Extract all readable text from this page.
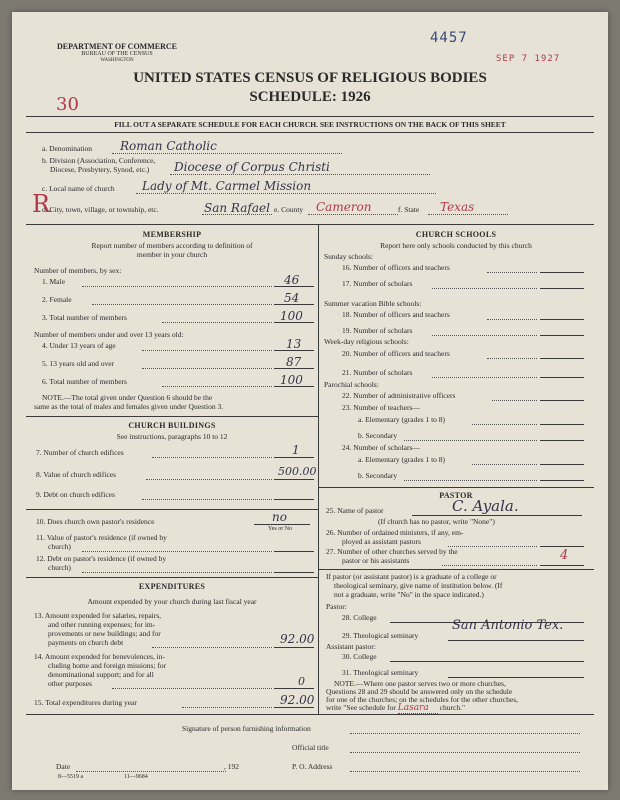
DEPARTMENT OF COMMERCE
BUREAU OF THE CENSUS
WASHINGTON
4457
SEP 7 1927
UNITED STATES CENSUS OF RELIGIOUS BODIES
SCHEDULE: 1926
30
FILL OUT A SEPARATE SCHEDULE FOR EACH CHURCH. SEE INSTRUCTIONS ON THE BACK OF THIS SHEET
a. Denomination Roman Catholic
b. Division (Association, Conference,
Diocese, Presbytery, Synod, etc.) Diocese of Corpus Christi
R
c. Local name of church Lady of Mt. Carmel Mission
d. City, town, village, or township, etc.	San Rafael e. County Cameron	f. State Texas
MEMBERSHIP
Report number of members according to definition of
member in your church
Number of members, by sex:
1. Male	46
2. Female	54
3. Total number of members	100
Number of members under and over 13 years old:
4. Under 13 years of age	13
5. 13 years old and over	87
6. Total number of members	100
NOTE.—The total given under Question 6 should be the
same as the total of males and females given under Question 3.
CHURCH BUILDINGS
See instructions, paragraphs 10 to 12
7. Number of church edifices	1
8. Value of church edifices	500.00
9. Debt on church edifices
10. Does church own pastor's residence	no
Yes or No
11. Value of pastor's residence (if owned by
church)
12. Debt on pastor's residence (if owned by
church)
EXPENDITURES
Amount expended by your church during last fiscal year
13. Amount expended for salaries, repairs,
and other running expenses; for im-
provements or new buildings; and for
payments on church debt	92.00
14. Amount expended for benevolences, in-
cluding home and foreign missions; for
denominational support; and for all
other purposes	0
15. Total expenditures during year	92.00
CHURCH SCHOOLS
Report here only schools conducted by this church
Sunday schools:
16. Number of officers and teachers
17. Number of scholars
Summer vacation Bible schools:
18. Number of officers and teachers
19. Number of scholars
Week-day religious schools:
20. Number of officers and teachers
21. Number of scholars
Parochial schools:
22. Number of administrative officers
23. Number of teachers—
a. Elementary (grades 1 to 8)
b. Secondary
24. Number of scholars—
a. Elementary (grades 1 to 8)
b. Secondary
PASTOR
25. Name of pastor	C. Ayala.
(If church has no pastor, write "None")
26. Number of ordained ministers, if any, em-
ployed as assistant pastors
27. Number of other churches served by the
pastor or his assistants	4
If pastor (or assistant pastor) is a graduate of a college or
theological seminary, give name of institution below. (If
not a graduate, write "No" in the space indicated.)
Pastor:
28. College
29. Theological seminary
San Antonio Tex.
Assistant pastor:
30. College
31. Theological seminary
NOTE.—Where one pastor serves two or more churches,
Questions 28 and 29 should be answered only on the schedule
for one of the churches; on the schedules for the other churches,
write "See schedule for Lasara church."
Signature of person furnishing information
Official title
Date	, 192	P. O. Address
8—5519 a	11—9684
